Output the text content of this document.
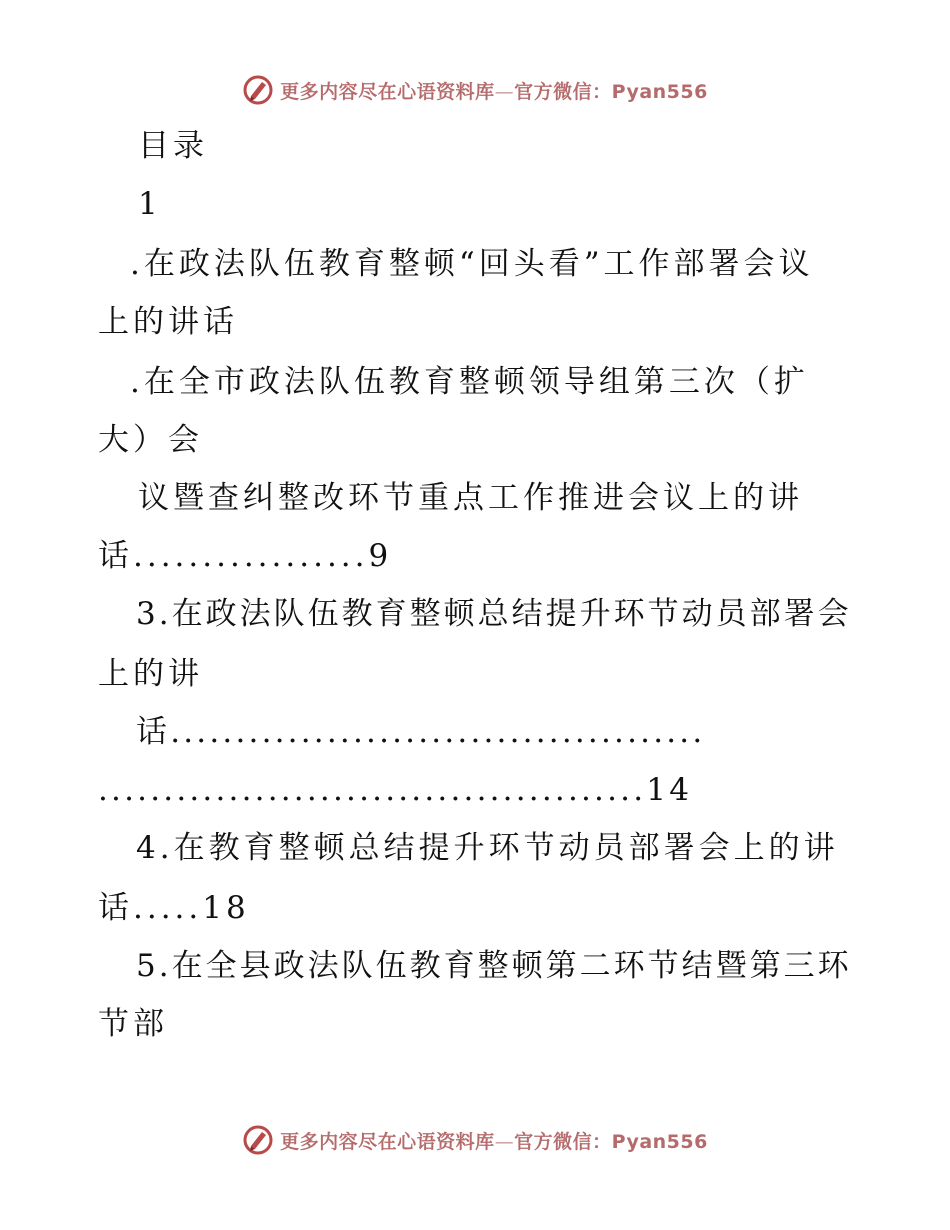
更多内容尽在心语资料库—官方微信：Pyan556
目录
1
.在政法队伍教育整顿“回头看”工作部署会议
上的讲话
.在全市政法队伍教育整顿领导组第三次（扩
大）会
议暨查纠整改环节重点工作推进会议上的讲
话.................9
3.在政法队伍教育整顿总结提升环节动员部署会
上的讲
话.........................................
..........................................14
4.在教育整顿总结提升环节动员部署会上的讲
话.....18
5.在全县政法队伍教育整顿第二环节结暨第三环
节部
更多内容尽在心语资料库—官方微信：Pyan556
